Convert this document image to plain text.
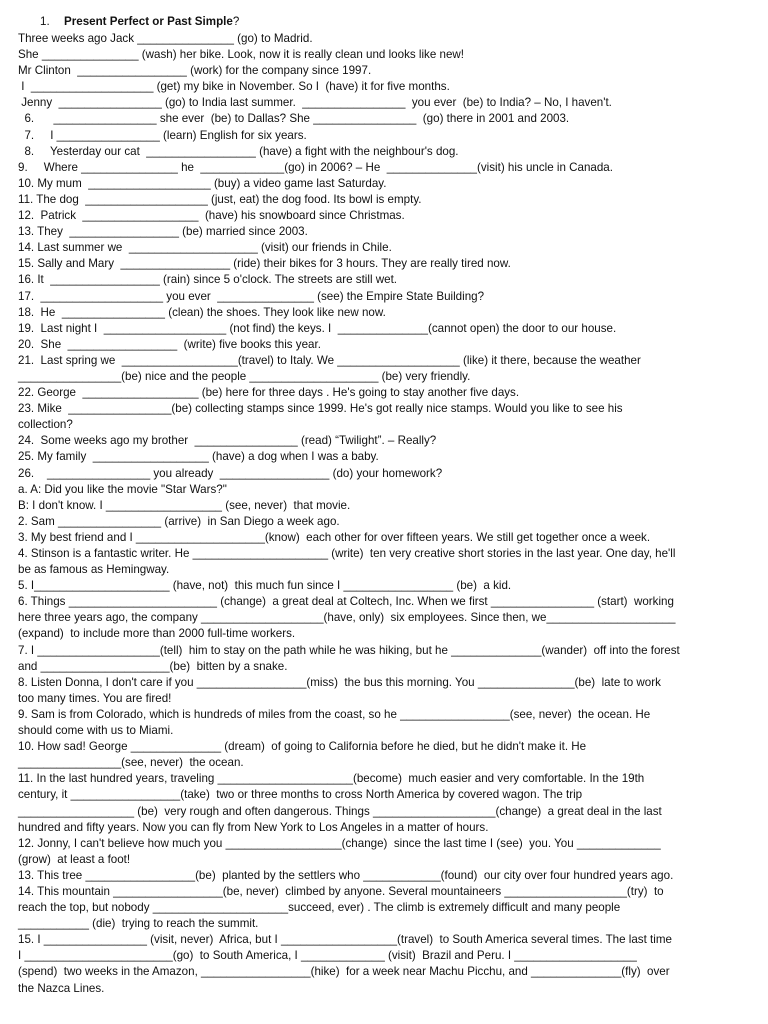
1. Present Perfect or Past Simple?
Three weeks ago Jack _______________ (go) to Madrid.
She _______________ (wash) her bike. Look, now it is really clean und looks like new!
Mr Clinton  _________________ (work) for the company since 1997.
I  ___________________ (get) my bike in November. So I  (have) it for five months.
Jenny  ________________ (go) to India last summer.  ________________  you ever  (be) to India? – No, I haven't.
6.      ________________ she ever  (be) to Dallas? She ________________  (go) there in 2001 and 2003.
7.     I ________________ (learn) English for six years.
8.     Yesterday our cat  _________________ (have) a fight with the neighbour's dog.
9.     Where _______________ he  _____________(go) in 2006? – He  ______________(visit) his uncle in Canada.
10. My mum  ___________________ (buy) a video game last Saturday.
11. The dog  ___________________ (just, eat) the dog food. Its bowl is empty.
12.  Patrick  __________________  (have) his snowboard since Christmas.
13. They  _________________ (be) married since 2003.
14. Last summer we  ____________________ (visit) our friends in Chile.
15. Sally and Mary  _________________ (ride) their bikes for 3 hours. They are really tired now.
16. It  _________________ (rain) since 5 o'clock. The streets are still wet.
17.  ___________________ you ever  _______________ (see) the Empire State Building?
18.  He  ________________ (clean) the shoes. They look like new now.
19.  Last night I  ___________________ (not find) the keys. I  ______________(cannot open) the door to our house.
20.  She  _________________  (write) five books this year.
21.  Last spring we  __________________(travel) to Italy. We ___________________ (like) it there, because the weather
________________(be) nice and the people ____________________ (be) very friendly.
22. George  __________________ (be) here for three days . He's going to stay another five days.
23. Mike  ________________(be) collecting stamps since 1999. He's got really nice stamps. Would you like to see his
collection?
24.  Some weeks ago my brother  ________________ (read) “Twilight”. – Really?
25. My family  __________________ (have) a dog when I was a baby.
26.    ________________ you already  _________________ (do) your homework?
a. A: Did you like the movie "Star Wars?"
B: I don't know. I __________________ (see, never)  that movie.
2. Sam ________________ (arrive)  in San Diego a week ago.
3. My best friend and I ____________________(know)  each other for over fifteen years. We still get together once a week.
4. Stinson is a fantastic writer. He _____________________ (write)  ten very creative short stories in the last year. One day, he'll
be as famous as Hemingway.
5. I_____________________ (have, not)  this much fun since I _________________ (be)  a kid.
6. Things _______________________ (change)  a great deal at Coltech, Inc. When we first ________________ (start)  working
here three years ago, the company ___________________(have, only)  six employees. Since then, we____________________
(expand)  to include more than 2000 full-time workers.
7. I ___________________(tell)  him to stay on the path while he was hiking, but he ______________(wander)  off into the forest
and ____________________(be)  bitten by a snake.
8. Listen Donna, I don't care if you _________________(miss)  the bus this morning. You _______________(be)  late to work
too many times. You are fired!
9. Sam is from Colorado, which is hundreds of miles from the coast, so he _________________(see, never)  the ocean. He
should come with us to Miami.
10. How sad! George ______________ (dream)  of going to California before he died, but he didn't make it. He
________________(see, never)  the ocean.
11. In the last hundred years, traveling _____________________(become)  much easier and very comfortable. In the 19th
century, it _________________(take)  two or three months to cross North America by covered wagon. The trip
__________________ (be)  very rough and often dangerous. Things ___________________(change)  a great deal in the last
hundred and fifty years. Now you can fly from New York to Los Angeles in a matter of hours.
12. Jonny, I can't believe how much you __________________(change)  since the last time I (see)  you. You _____________
(grow)  at least a foot!
13. This tree _________________(be)  planted by the settlers who ____________(found)  our city over four hundred years ago.
14. This mountain _________________(be, never)  climbed by anyone. Several mountaineers ___________________(try)  to
reach the top, but nobody _____________________succeed, ever) . The climb is extremely difficult and many people
___________ (die)  trying to reach the summit.
15. I ________________ (visit, never)  Africa, but I __________________(travel)  to South America several times. The last time
I _______________________(go)  to South America, I _____________ (visit)  Brazil and Peru. I ___________________
(spend)  two weeks in the Amazon, _________________(hike)  for a week near Machu Picchu, and ______________(fly)  over
the Nazca Lines.
